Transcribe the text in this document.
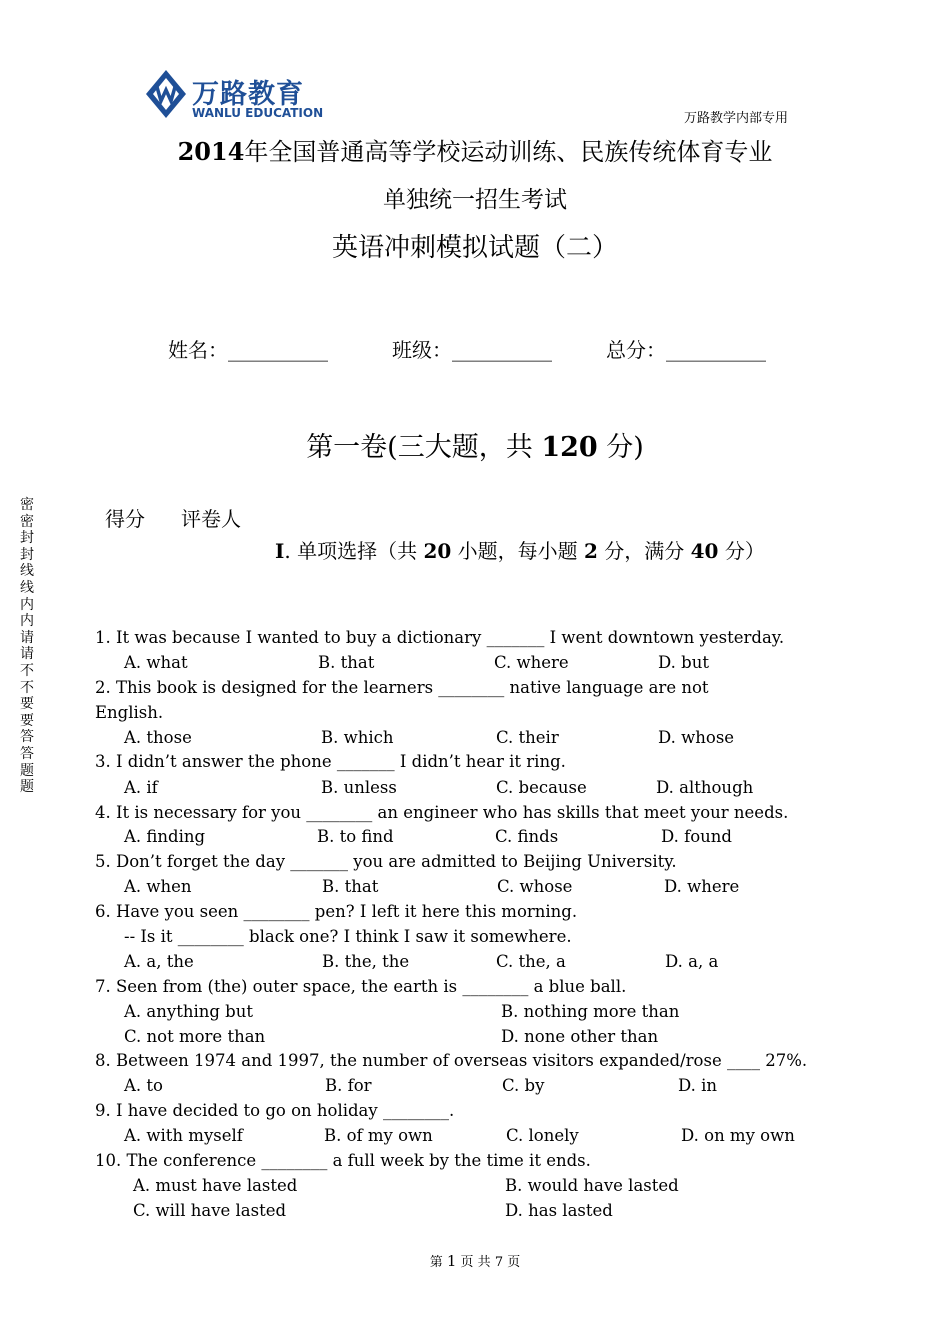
万路教育
WANLU EDUCATION	万路教学内部专用
2014年全国普通高等学校运动训练、民族传统体育专业
单独统一招生考试
英语冲刺模拟试题（二）
姓名：__________	班级：__________	总分：__________
第一卷(三大题，共 120 分)
密
密
封
封
线
线
内
内
请
请
不
不
要
要
答
答
题
题
得分 评卷人
I. 单项选择（共 20 小题，每小题 2 分，满分 40 分）
1. It was because I wanted to buy a dictionary _______ I went downtown yesterday.
A. what	B. that	C. where	D. but
2. This book is designed for the learners ________ native language are not
English.
A. those	B. which	C. their	D. whose
3. I didn’t answer the phone _______ I didn’t hear it ring.
A. if	B. unless	C. because	D. although
4. It is necessary for you ________ an engineer who has skills that meet your needs.
A. finding	B. to find	C. finds	D. found
5. Don’t forget the day _______ you are admitted to Beijing University.
A. when	B. that	C. whose	D. where
6. Have you seen ________ pen? I left it here this morning.
-- Is it ________ black one? I think I saw it somewhere.
A. a, the	B. the, the	C. the, a	D. a, a
7. Seen from (the) outer space, the earth is ________ a blue ball.
A. anything but	B. nothing more than
C. not more than	D. none other than
8. Between 1974 and 1997, the number of overseas visitors expanded/rose ____ 27%.
A. to	B. for	C. by	D. in
9. I have decided to go on holiday ________.
A. with myself	B. of my own	C. lonely	D. on my own
10. The conference ________ a full week by the time it ends.
A. must have lasted	B. would have lasted
C. will have lasted	D. has lasted
第 1 页 共 7 页
